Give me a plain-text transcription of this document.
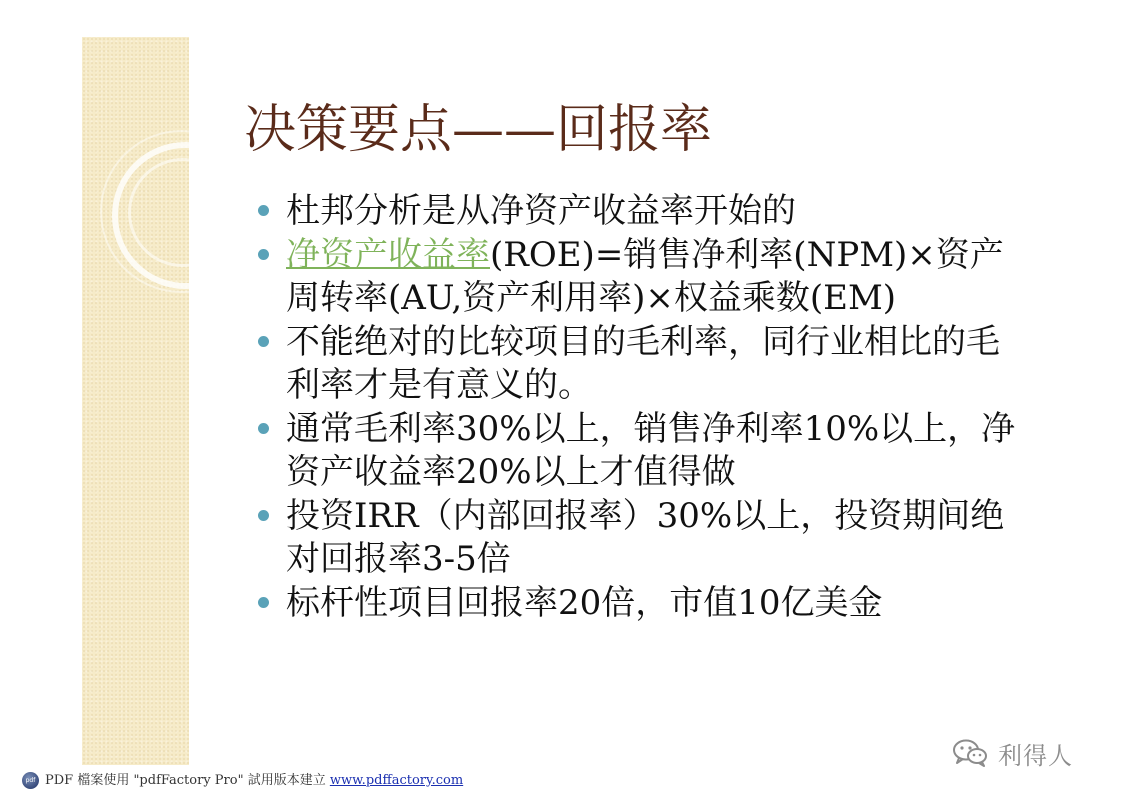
决策要点——回报率
杜邦分析是从净资产收益率开始的
净资产收益率(ROE)=销售净利率(NPM)×资产周转率(AU,资产利用率)×权益乘数(EM)
不能绝对的比较项目的毛利率，同行业相比的毛利率才是有意义的。
通常毛利率30%以上，销售净利率10%以上，净资产收益率20%以上才值得做
投资IRR（内部回报率）30%以上，投资期间绝对回报率3-5倍
标杆性项目回报率20倍，市值10亿美金
pdf PDF 檔案使用 "pdfFactory Pro" 試用版本建立 www.pdffactory.com
利得人
